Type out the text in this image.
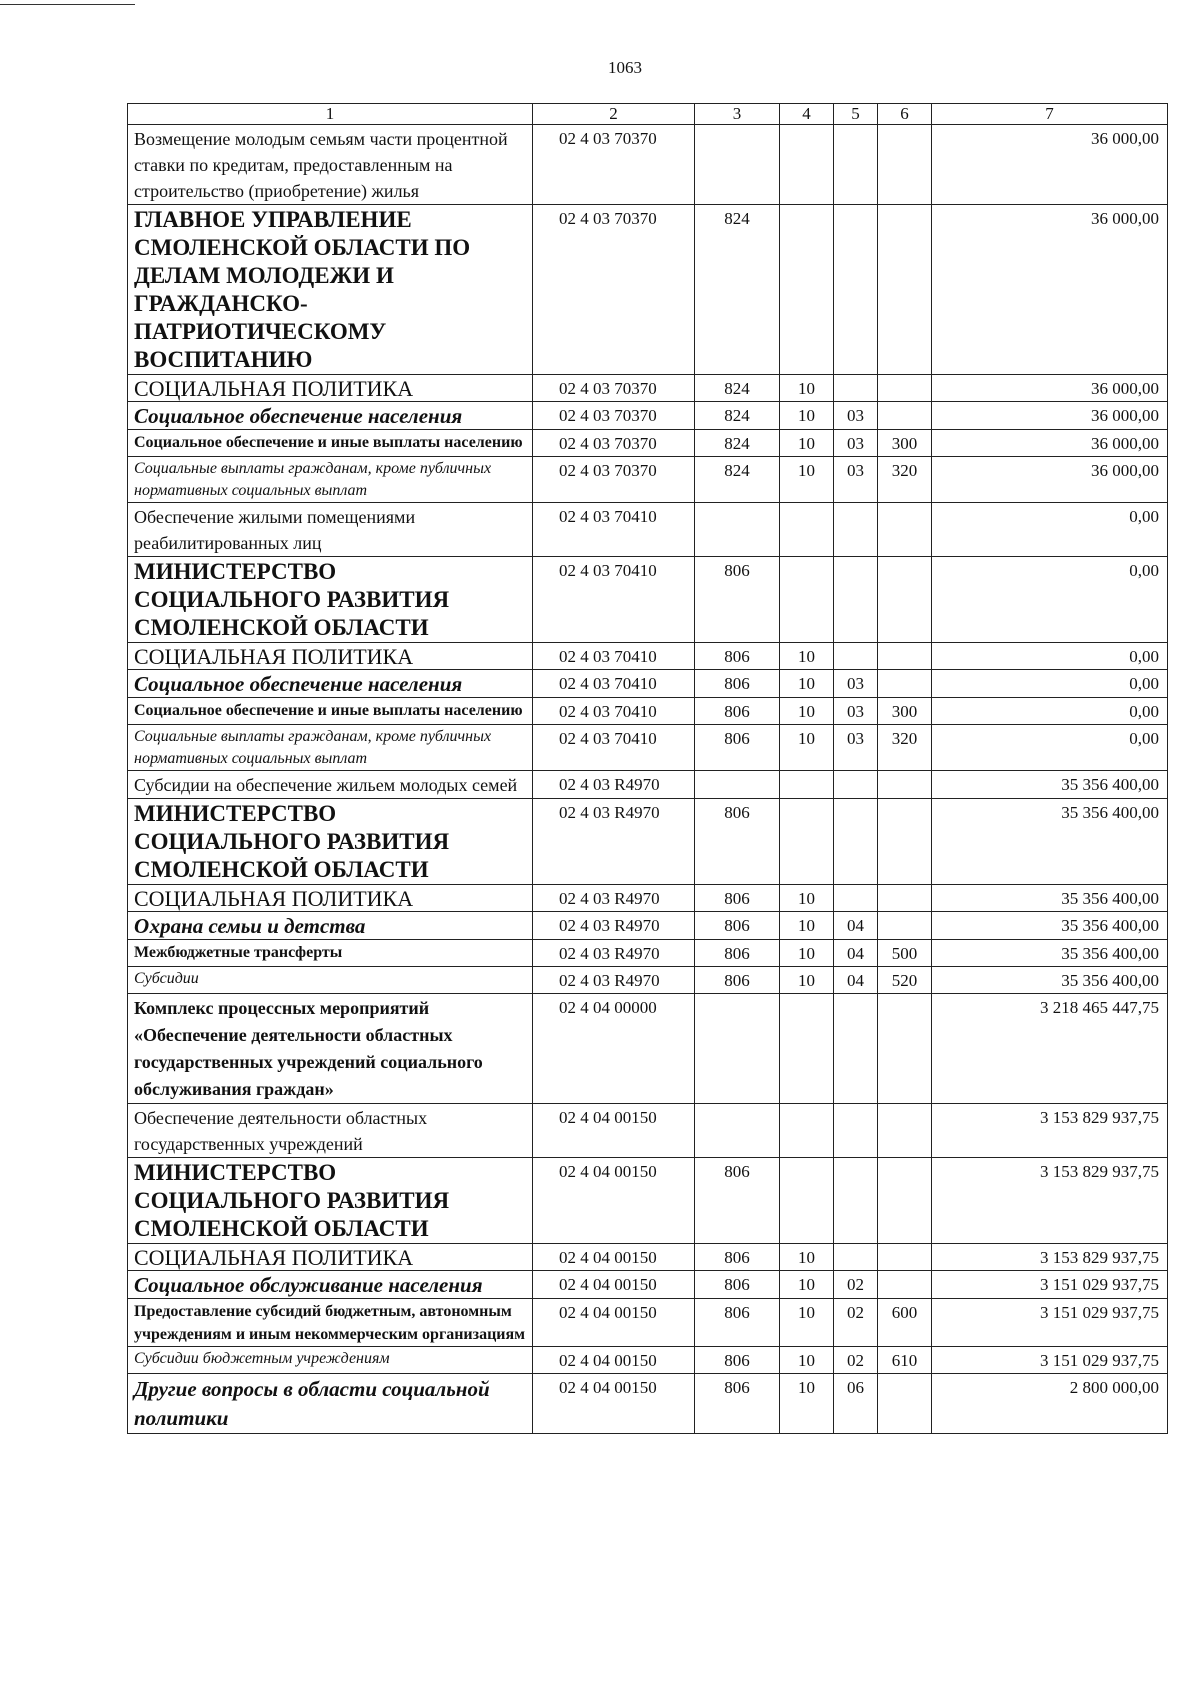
1063
1	2	3	4	5	6	7
Возмещение молодым семьям части процентной ставки по кредитам, предоставленным на строительство (приобретение) жилья	02 4 03 70370					36 000,00
ГЛАВНОЕ УПРАВЛЕНИЕ СМОЛЕНСКОЙ ОБЛАСТИ ПО ДЕЛАМ МОЛОДЕЖИ И ГРАЖДАНСКО-ПАТРИОТИЧЕСКОМУ ВОСПИТАНИЮ	02 4 03 70370	824				36 000,00
СОЦИАЛЬНАЯ ПОЛИТИКА	02 4 03 70370	824	10			36 000,00
Социальное обеспечение населения	02 4 03 70370	824	10	03		36 000,00
Социальное обеспечение и иные выплаты населению	02 4 03 70370	824	10	03	300	36 000,00
Социальные выплаты гражданам, кроме публичных нормативных социальных выплат	02 4 03 70370	824	10	03	320	36 000,00
Обеспечение жилыми помещениями реабилитированных лиц	02 4 03 70410					0,00
МИНИСТЕРСТВО СОЦИАЛЬНОГО РАЗВИТИЯ СМОЛЕНСКОЙ ОБЛАСТИ	02 4 03 70410	806				0,00
СОЦИАЛЬНАЯ ПОЛИТИКА	02 4 03 70410	806	10			0,00
Социальное обеспечение населения	02 4 03 70410	806	10	03		0,00
Социальное обеспечение и иные выплаты населению	02 4 03 70410	806	10	03	300	0,00
Социальные выплаты гражданам, кроме публичных нормативных социальных выплат	02 4 03 70410	806	10	03	320	0,00
Субсидии на обеспечение жильем молодых семей	02 4 03 R4970					35 356 400,00
МИНИСТЕРСТВО СОЦИАЛЬНОГО РАЗВИТИЯ СМОЛЕНСКОЙ ОБЛАСТИ	02 4 03 R4970	806				35 356 400,00
СОЦИАЛЬНАЯ ПОЛИТИКА	02 4 03 R4970	806	10			35 356 400,00
Охрана семьи и детства	02 4 03 R4970	806	10	04		35 356 400,00
Межбюджетные трансферты	02 4 03 R4970	806	10	04	500	35 356 400,00
Субсидии	02 4 03 R4970	806	10	04	520	35 356 400,00
Комплекс процессных мероприятий «Обеспечение деятельности областных государственных учреждений социального обслуживания граждан»	02 4 04 00000					3 218 465 447,75
Обеспечение деятельности областных государственных учреждений	02 4 04 00150					3 153 829 937,75
МИНИСТЕРСТВО СОЦИАЛЬНОГО РАЗВИТИЯ СМОЛЕНСКОЙ ОБЛАСТИ	02 4 04 00150	806				3 153 829 937,75
СОЦИАЛЬНАЯ ПОЛИТИКА	02 4 04 00150	806	10			3 153 829 937,75
Социальное обслуживание населения	02 4 04 00150	806	10	02		3 151 029 937,75
Предоставление субсидий бюджетным, автономным учреждениям и иным некоммерческим организациям	02 4 04 00150	806	10	02	600	3 151 029 937,75
Субсидии бюджетным учреждениям	02 4 04 00150	806	10	02	610	3 151 029 937,75
Другие вопросы в области социальной политики	02 4 04 00150	806	10	06		2 800 000,00
